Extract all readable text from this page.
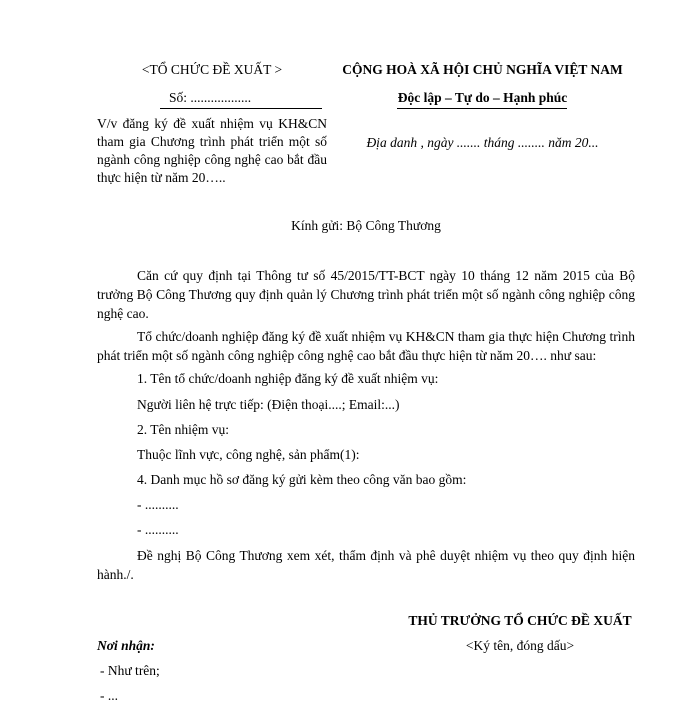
<TỔ CHỨC ĐỀ XUẤT >
Số: ..................
V/v đăng ký đề xuất nhiệm vụ KH&CN tham gia Chương trình phát triển một số ngành công nghiệp công nghệ cao bắt đầu thực hiện từ năm 20…..
CỘNG HOÀ XÃ HỘI CHỦ NGHĨA VIỆT NAM
Độc lập – Tự do – Hạnh phúc
Địa danh , ngày ....... tháng ........ năm 20...
Kính gửi: Bộ Công Thương
Căn cứ quy định tại Thông tư số 45/2015/TT-BCT ngày 10 tháng 12 năm 2015 của Bộ trưởng Bộ Công Thương quy định quản lý Chương trình phát triển một số ngành công nghiệp công nghệ cao.
Tổ chức/doanh nghiệp đăng ký đề xuất nhiệm vụ KH&CN tham gia thực hiện Chương trình phát triển một số ngành công nghiệp công nghệ cao bắt đầu thực hiện từ năm 20…. như sau:
1. Tên tổ chức/doanh nghiệp đăng ký đề xuất nhiệm vụ:
Người liên hệ trực tiếp: (Điện thoại....; Email:...)
2. Tên nhiệm vụ:
Thuộc lĩnh vực, công nghệ, sản phẩm(1):
4. Danh mục hồ sơ đăng ký gửi kèm theo công văn bao gồm:
- ..........
- ..........
Đề nghị Bộ Công Thương xem xét, thẩm định và phê duyệt nhiệm vụ theo quy định hiện hành./.
THỦ TRƯỞNG TỔ CHỨC ĐỀ XUẤT
<Ký tên, đóng dấu>
Nơi nhận:
- Như trên;
- ...
